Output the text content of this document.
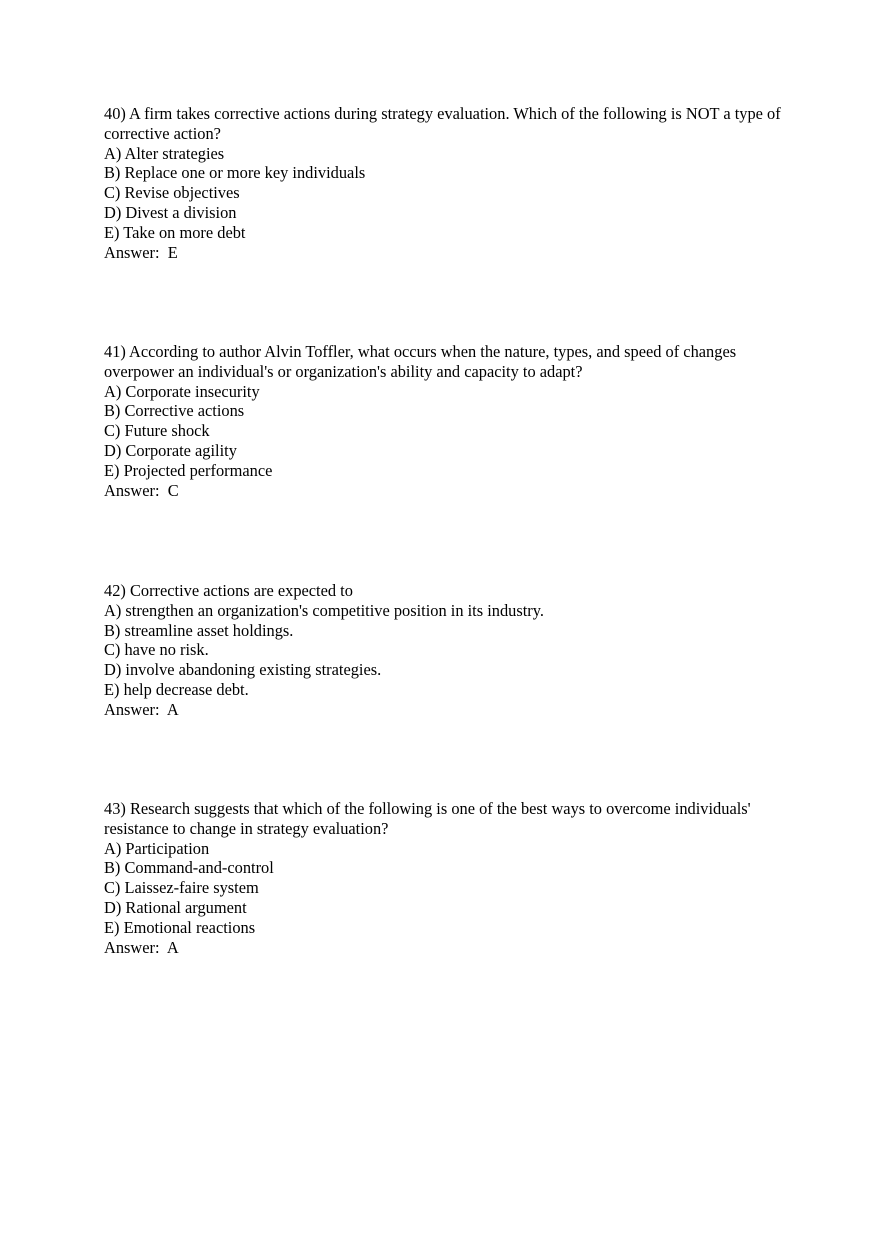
40) A firm takes corrective actions during strategy evaluation. Which of the following is NOT a type of corrective action?

A) Alter strategies

B) Replace one or more key individuals

C) Revise objectives

D) Divest a division

E) Take on more debt

Answer:  E

41) According to author Alvin Toffler, what occurs when the nature, types, and speed of changes overpower an individual's or organization's ability and capacity to adapt?

A) Corporate insecurity

B) Corrective actions

C) Future shock

D) Corporate agility

E) Projected performance

Answer:  C

42) Corrective actions are expected to

A) strengthen an organization's competitive position in its industry.

B) streamline asset holdings.

C) have no risk.

D) involve abandoning existing strategies.

E) help decrease debt.

Answer:  A

43) Research suggests that which of the following is one of the best ways to overcome individuals' resistance to change in strategy evaluation?

A) Participation

B) Command-and-control

C) Laissez-faire system

D) Rational argument

E) Emotional reactions

Answer:  A
